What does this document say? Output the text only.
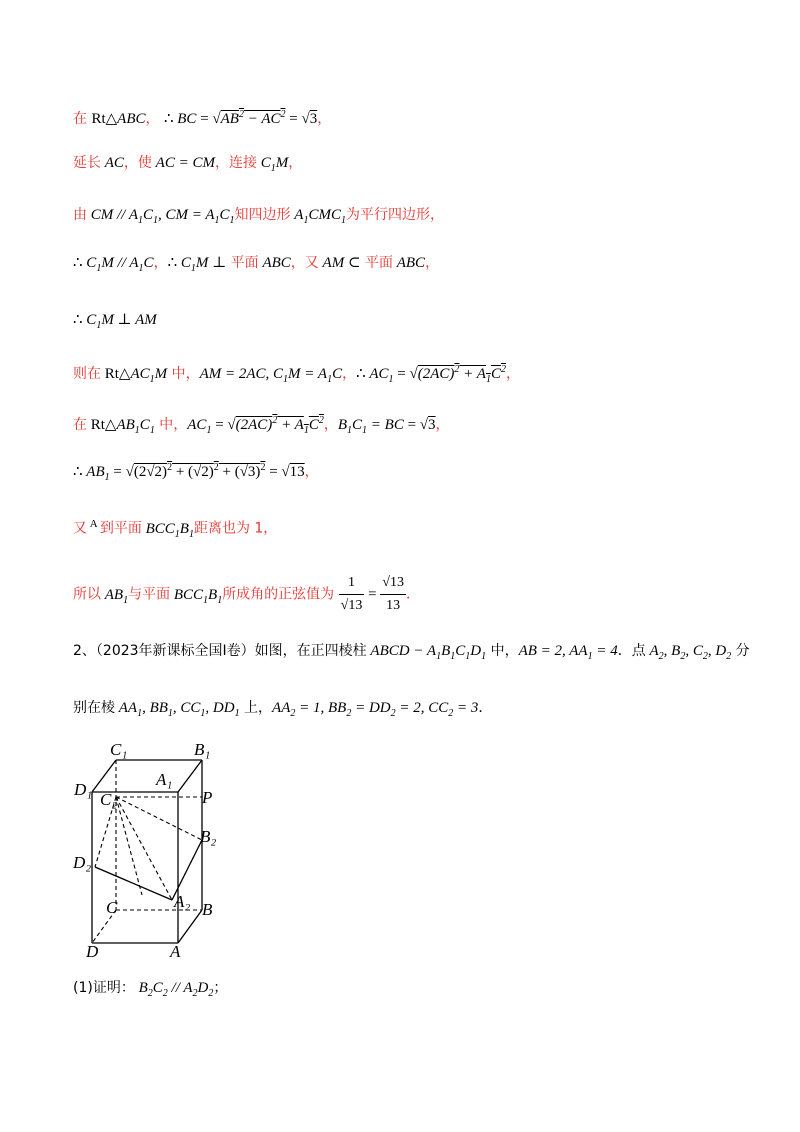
在 Rt△ABC， ∴ BC = $√AB^2 - AC^2 = √3$，
延长 AC，使 AC = CM，连接 $C_1M$，
由 CM // $A_1C_1$, CM = $A_1C_1$知四边形 $A_1CMC_1$为平行四边形，
∴ $C_1M // A_1C$，∴ $C_1M$ ⊥ 平面 ABC，又 AM ⊂ 平面 ABC，
∴ $C_1M$ ⊥ AM
则在 $Rt\triangle AC_1M$ 中，AM = 2AC, $C_1M = A_1C$，∴ $AC_1 = √(2AC)^2 + A_1C^2$，
在 $Rt\triangle AB_1C_1$ 中，$AC_1 = √(2AC)^2 + A_1C^2$，$B_1C_1$ = BC = √3，
∴ $AB_1 = √(2√2)^2 + (√2)^2 + (√3)^2 = √13$，
又 $^A$ 到平面 $BCC_1B_1$距离也为 1，
所以 $AB_1$与平面 $BCC_1B_1$所成角的正弦值为 $\frac{1}{√13} = \frac{√13}{13}$ ．
2、（2023年新课标全国Ⅰ卷）如图，在正四棱柱 ABCD − $A_1B_1C_1D_1$ 中，AB = 2, $AA_1 = 4$．点 $A_2$, $B_2$, $C_2$, $D_2$ 分
别在棱 $AA_1$, $BB_1$, $CC_1$, $DD_1$ 上，$AA_2 = 1$, $BB_2 = DD_2 = 2$, $CC_2 = 3$．
C₁	B₁
A₁
D₁
C₂	P
B₂
D₂
C	A₂ B
D	A
(1)证明： $B_2C_2 // A_2D_2$；
